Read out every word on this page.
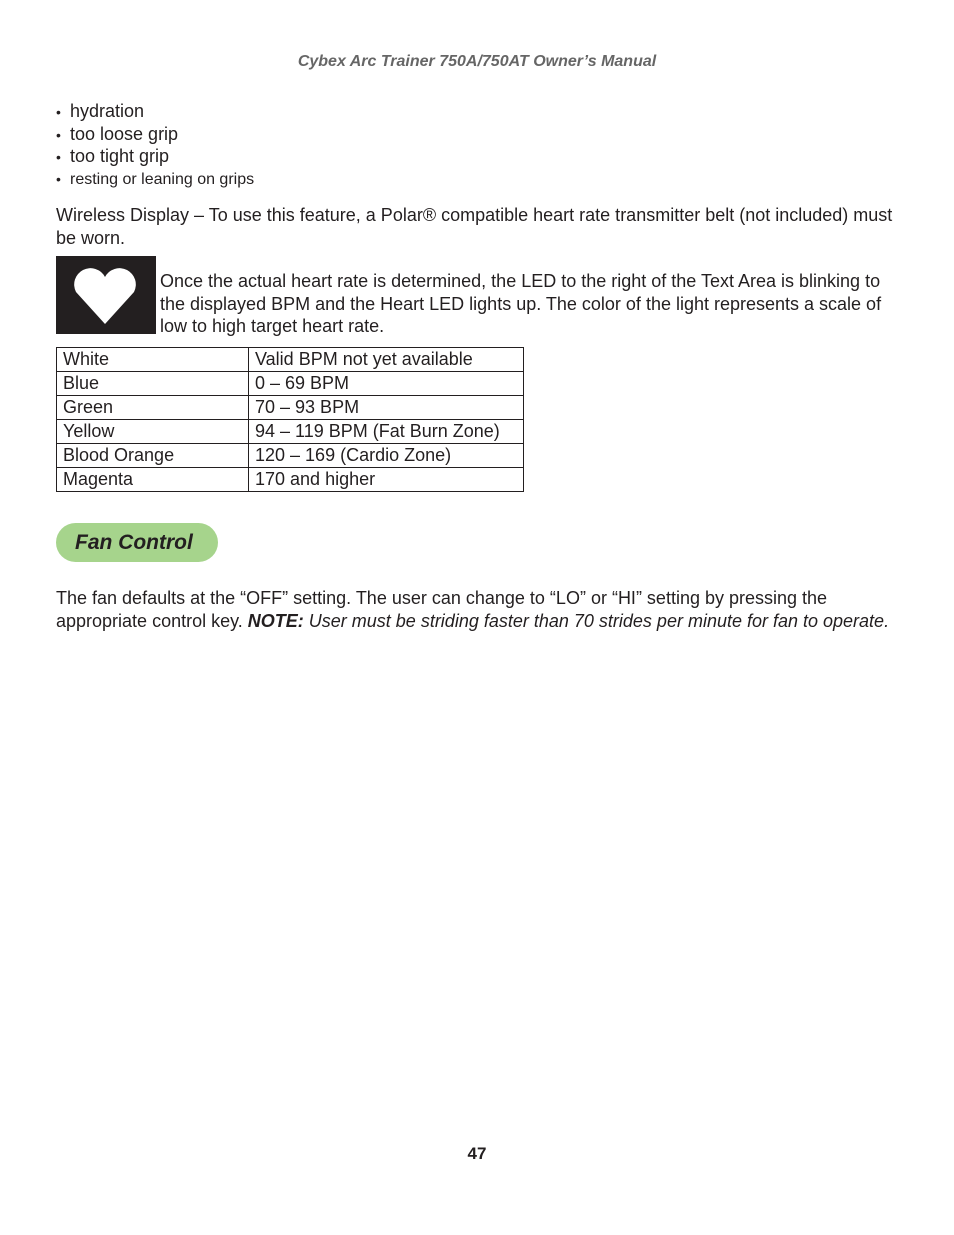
Cybex Arc Trainer 750A/750AT Owner’s Manual
• hydration
• too loose grip
• too tight grip
• resting or leaning on grips

Wireless Display – To use this feature, a Polar® compatible heart rate transmitter belt (not included) must be worn.

Once the actual heart rate is determined, the LED to the right of the Text Area is blinking to the displayed BPM and the Heart LED lights up. The color of the light represents a scale of low to high target heart rate.

White	Valid BPM not yet available
Blue	0 – 69 BPM
Green	70 – 93 BPM
Yellow	94 – 119 BPM (Fat Burn Zone)
Blood Orange	120 – 169 (Cardio Zone)
Magenta	170 and higher
Fan Control

The fan defaults at the “OFF” setting. The user can change to “LO” or “HI” setting by pressing the appropriate control key. NOTE: User must be striding faster than 70 strides per minute for fan to operate.

47
